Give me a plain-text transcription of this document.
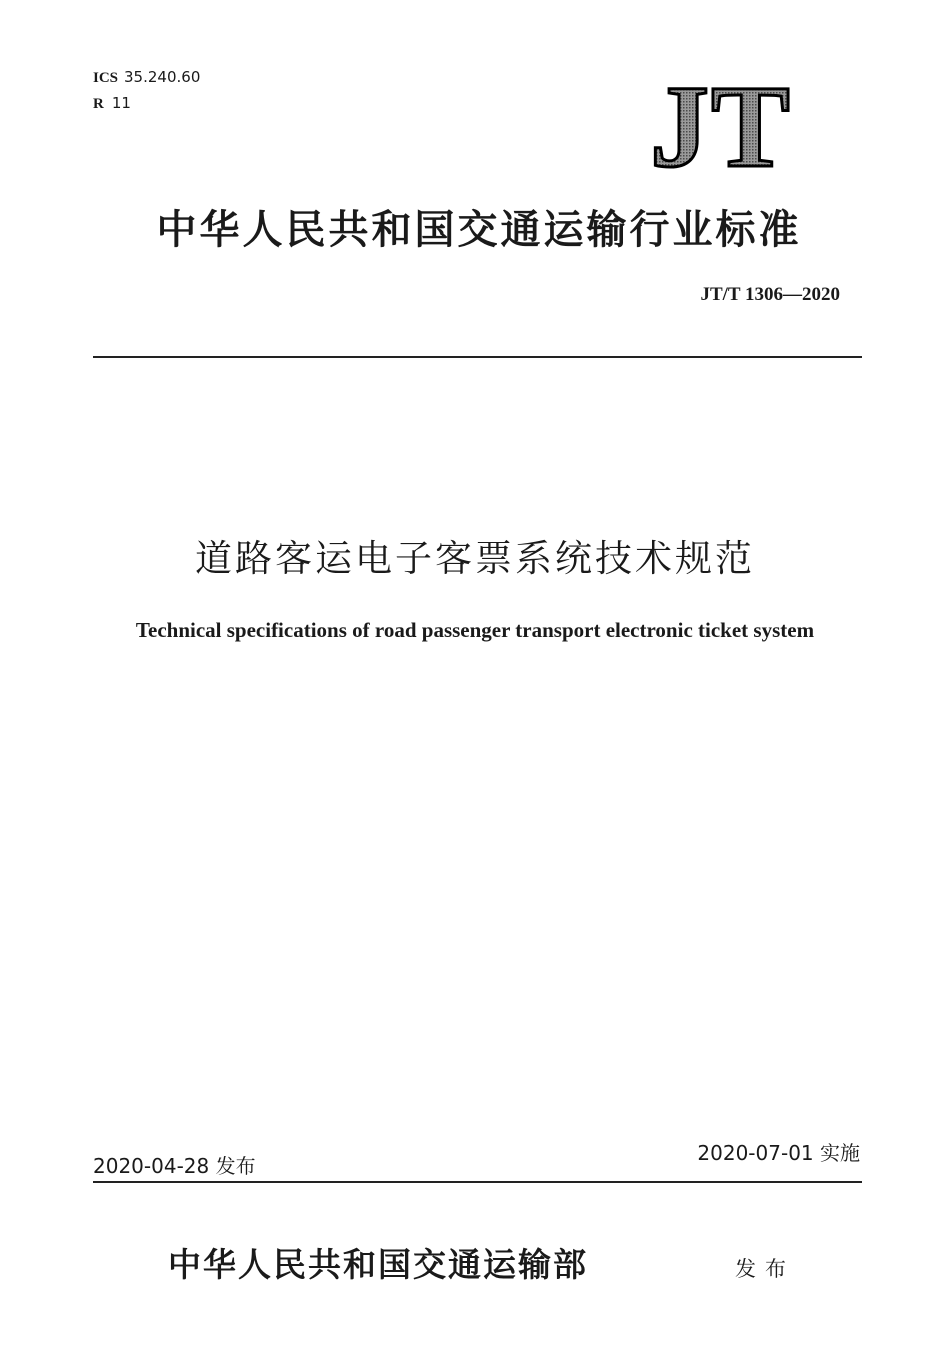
ICS 35.240.60
R 11	JT
中华人民共和国交通运输行业标准
JT/T 1306—2020
道路客运电子客票系统技术规范
Technical specifications of road passenger transport electronic ticket system
2020-04-28 发布
2020-07-01 实施
中华人民共和国交通运输部	发布
